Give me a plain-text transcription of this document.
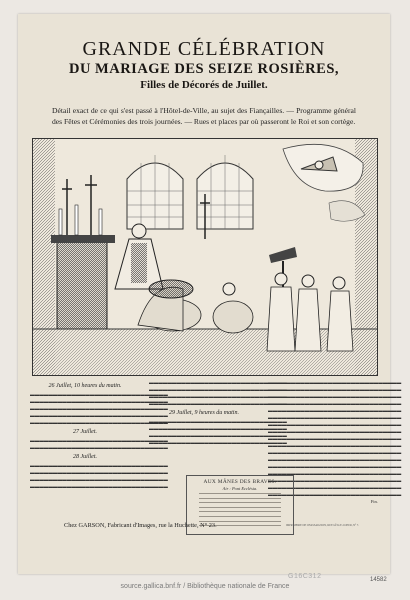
GRANDE CÉLÉBRATION
DU MARIAGE DES SEIZE ROSIÈRES,
Filles de Décorés de Juillet.
Détail exact de ce qui s'est passé à l'Hôtel-de-Ville, au sujet des Fiançailles. — Programme général des Fêtes et Cérémonies des trois journées. — Rues et places par où passeront le Roi et son cortège.
26 Juillet, 10 heures du matin.

▬▬▬▬▬▬▬▬▬▬▬▬▬▬▬▬▬▬▬▬▬▬▬▬▬▬▬▬▬▬

▬▬▬▬▬▬▬▬▬▬▬▬▬▬▬▬▬▬▬▬▬▬▬▬▬▬▬▬▬▬

▬▬▬▬▬▬▬▬▬▬▬▬▬▬▬▬▬▬▬▬▬▬▬▬▬▬▬▬▬▬

▬▬▬▬▬▬▬▬▬▬▬▬▬▬▬▬▬▬▬▬▬▬▬▬▬▬▬▬▬▬

▬▬▬▬▬▬▬▬▬▬▬▬▬▬▬▬▬▬▬▬▬▬▬▬▬▬▬▬▬▬

27 Juillet.

▬▬▬▬▬▬▬▬▬▬▬▬▬▬▬▬▬▬▬▬▬▬▬▬▬▬▬▬▬▬

▬▬▬▬▬▬▬▬▬▬▬▬▬▬▬▬▬▬▬▬▬▬▬▬▬▬▬▬▬▬

28 Juillet.

▬▬▬▬▬▬▬▬▬▬▬▬▬▬▬▬▬▬▬▬▬▬▬▬▬▬▬▬▬▬

▬▬▬▬▬▬▬▬▬▬▬▬▬▬▬▬▬▬▬▬▬▬▬▬▬▬▬▬▬▬

▬▬▬▬▬▬▬▬▬▬▬▬▬▬▬▬▬▬▬▬▬▬▬▬▬▬▬▬▬▬

▬▬▬▬▬▬▬▬▬▬▬▬▬▬▬▬▬▬▬▬▬▬▬▬▬▬▬▬▬▬

▬▬▬▬▬▬▬▬▬▬▬▬▬▬▬▬▬▬▬▬▬▬▬▬▬▬▬▬▬▬

▬▬▬▬▬▬▬▬▬▬▬▬▬▬▬▬▬▬▬▬▬▬▬▬▬▬▬▬▬▬

▬▬▬▬▬▬▬▬▬▬▬▬▬▬▬▬▬▬▬▬▬▬▬▬▬▬▬▬▬▬

▬▬▬▬▬▬▬▬▬▬▬▬▬▬▬▬▬▬▬▬▬▬▬▬▬▬▬▬▬▬

29 Juillet, 9 heures du matin.

▬▬▬▬▬▬▬▬▬▬▬▬▬▬▬▬▬▬▬▬▬▬▬▬▬▬▬▬▬▬

▬▬▬▬▬▬▬▬▬▬▬▬▬▬▬▬▬▬▬▬▬▬▬▬▬▬▬▬▬▬

▬▬▬▬▬▬▬▬▬▬▬▬▬▬▬▬▬▬▬▬▬▬▬▬▬▬▬▬▬▬

▬▬▬▬▬▬▬▬▬▬▬▬▬▬▬▬▬▬▬▬▬▬▬▬▬▬▬▬▬▬

▬▬▬▬▬▬▬▬▬▬▬▬▬▬▬▬▬▬▬▬▬▬▬▬▬▬▬▬▬

▬▬▬▬▬▬▬▬▬▬▬▬▬▬▬▬▬▬▬▬▬▬▬▬▬▬▬▬▬

▬▬▬▬▬▬▬▬▬▬▬▬▬▬▬▬▬▬▬▬▬▬▬▬▬▬▬▬▬

▬▬▬▬▬▬▬▬▬▬▬▬▬▬▬▬▬▬▬▬▬▬▬▬▬▬▬▬▬

▬▬▬▬▬▬▬▬▬▬▬▬▬▬▬▬▬▬▬▬▬▬▬▬▬▬▬▬▬

▬▬▬▬▬▬▬▬▬▬▬▬▬▬▬▬▬▬▬▬▬▬▬▬▬▬▬▬▬

▬▬▬▬▬▬▬▬▬▬▬▬▬▬▬▬▬▬▬▬▬▬▬▬▬▬▬▬▬

▬▬▬▬▬▬▬▬▬▬▬▬▬▬▬▬▬▬▬▬▬▬▬▬▬▬▬▬▬

▬▬▬▬▬▬▬▬▬▬▬▬▬▬▬▬▬▬▬▬▬▬▬▬▬▬▬▬▬

▬▬▬▬▬▬▬▬▬▬▬▬▬▬▬▬▬▬▬▬▬▬▬▬▬▬▬▬▬

▬▬▬▬▬▬▬▬▬▬▬▬▬▬▬▬▬▬▬▬▬▬▬▬▬▬▬▬▬

▬▬▬▬▬▬▬▬▬▬▬▬▬▬▬▬▬▬▬▬▬▬▬▬▬▬▬▬▬

▬▬▬▬▬▬▬▬▬▬▬▬▬▬▬▬▬▬▬▬▬▬▬▬▬▬▬▬▬

▬▬▬▬▬▬▬▬▬▬▬▬▬▬▬▬▬▬▬▬▬▬▬▬▬▬▬▬▬

▬▬▬▬▬▬▬▬▬▬▬▬▬▬▬▬▬▬▬▬▬▬▬▬▬▬▬▬▬

▬▬▬▬▬▬▬▬▬▬▬▬▬▬▬▬▬▬▬▬▬▬▬▬▬▬▬▬▬

▬▬▬▬▬▬▬▬▬▬▬▬▬▬▬▬▬▬▬▬▬▬▬▬▬▬▬▬▬

Fin.

AUX MÂNES DES BRAVES.
Air : Pont Ecclésia.
Chez GARSON, Fabricant d'Images, rue la Huchette, N° 23.	IMPRIMERIE DE CHASSAIGNON, RUE GÎT-LE-COEUR, N° 7.
G16C312	14582
source.gallica.bnf.fr / Bibliothèque nationale de France
